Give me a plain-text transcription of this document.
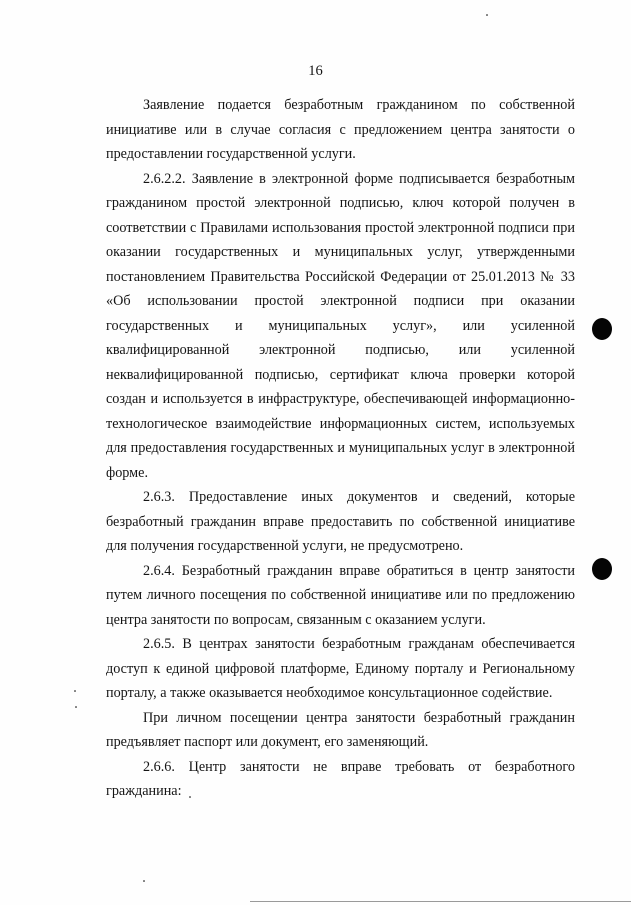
16

Заявление подается безработным гражданином по собственной инициативе или в случае согласия с предложением центра занятости о предоставлении государственной услуги.

2.6.2.2. Заявление в электронной форме подписывается безработным гражданином простой электронной подписью, ключ которой получен в соответствии с Правилами использования простой электронной подписи при оказании государственных и муниципальных услуг, утвержденными постановлением Правительства Российской Федерации от 25.01.2013 № 33 «Об использовании простой электронной подписи при оказании государственных и муниципальных услуг», или усиленной квалифицированной электронной подписью, или усиленной неквалифицированной подписью, сертификат ключа проверки которой создан и используется в инфраструктуре, обеспечивающей информационно-технологическое взаимодействие информационных систем, используемых для предоставления государственных и муниципальных услуг в электронной форме.

2.6.3. Предоставление иных документов и сведений, которые безработный гражданин вправе предоставить по собственной инициативе для получения государственной услуги, не предусмотрено.

2.6.4. Безработный гражданин вправе обратиться в центр занятости путем личного посещения по собственной инициативе или по предложению центра занятости по вопросам, связанным с оказанием услуги.

2.6.5. В центрах занятости безработным гражданам обеспечивается доступ к единой цифровой платформе, Единому порталу и Региональному порталу, а также оказывается необходимое консультационное содействие.

При личном посещении центра занятости безработный гражданин предъявляет паспорт или документ, его заменяющий.

2.6.6. Центр занятости не вправе требовать от безработного гражданина:
